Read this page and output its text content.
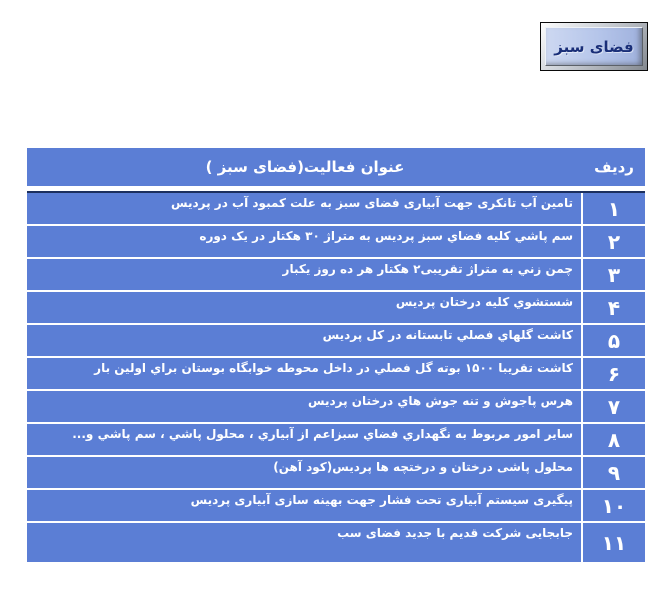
فضای سبز
ردیف
عنوان فعالیت(فضای سبز )
۱
تامین آب تانکری جهت آبیاری فضای سبز به علت کمبود آب در پردیس
۲
سم پاشي کلیه فضاي سبز پردیس به متراژ ۳۰ هکتار در یک دوره
۳
چمن زني به متراژ تقریبی۲ هکتار هر ده روز یکبار
۴
شستشوي کلیه درختان پردیس
۵
کاشت گلهاي فصلي تابستانه در کل پردیس
۶
کاشت تقریبا ۱۵۰۰ بوته گل فصلي در داخل محوطه خوابگاه بوستان براي اولین بار
۷
هرس پاجوش و تنه جوش هاي درختان پردیس
۸
سایر امور مربوط به نگهداري فضاي سبزاعم از آبیاري ، محلول پاشي ، سم پاشي و...
۹
محلول پاشی درختان و درختچه ها پردیس(کود آهن)
۱۰
پیگیری سیستم آبیاری تحت فشار جهت بهینه سازی آبیاری پردیس
۱۱
جابجایی شرکت قدیم با جدید فضای سب
